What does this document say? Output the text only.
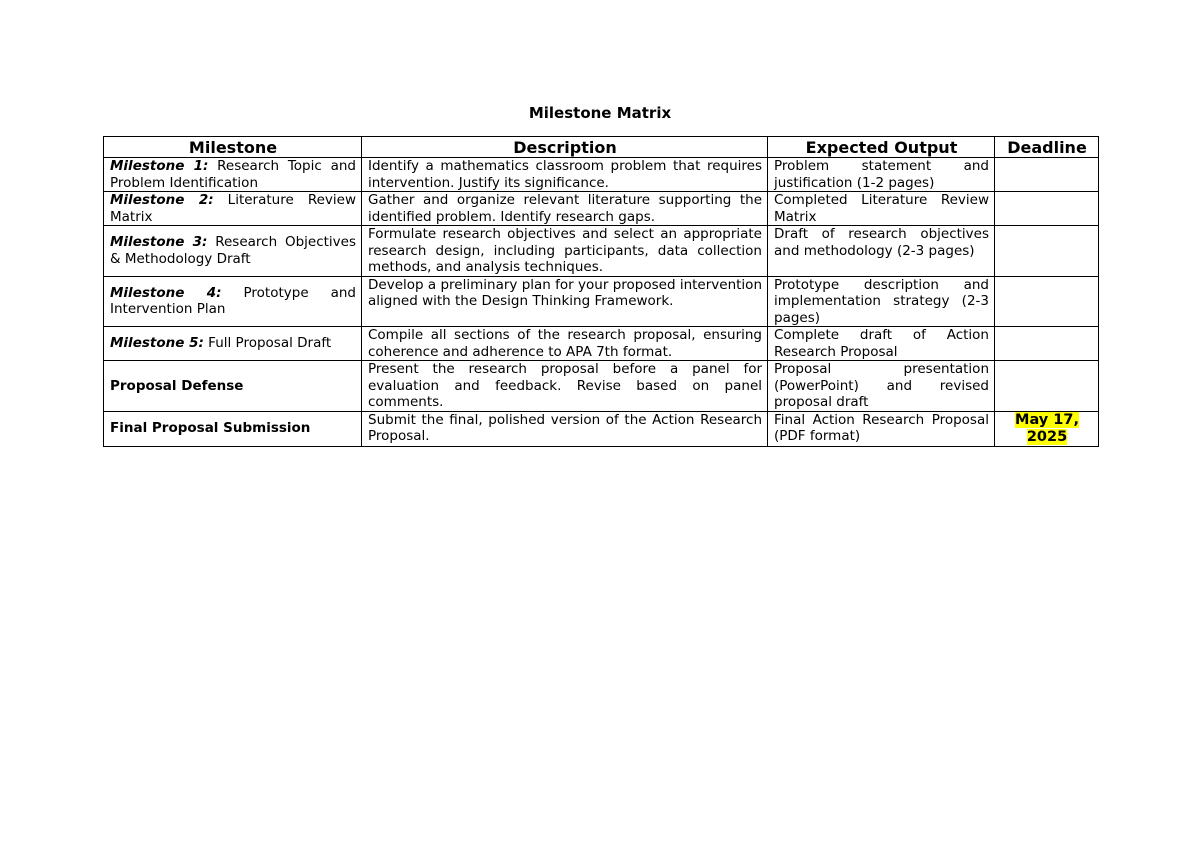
Milestone Matrix
Milestone	Description	Expected Output	Deadline
Milestone 1: Research Topic and Problem Identification	Identify a mathematics classroom problem that requires intervention. Justify its significance.	Problem statement and justification (1-2 pages)	
Milestone 2: Literature Review Matrix	Gather and organize relevant literature supporting the identified problem. Identify research gaps.	Completed Literature Review Matrix	
Milestone 3: Research Objectives & Methodology Draft	Formulate research objectives and select an appropriate research design, including participants, data collection methods, and analysis techniques.	Draft of research objectives and methodology (2-3 pages)	
Milestone 4: Prototype and Intervention Plan	Develop a preliminary plan for your proposed intervention aligned with the Design Thinking Framework.	Prototype description and implementation strategy (2-3 pages)	
Milestone 5: Full Proposal Draft	Compile all sections of the research proposal, ensuring coherence and adherence to APA 7th format.	Complete draft of Action Research Proposal	
Proposal Defense	Present the research proposal before a panel for evaluation and feedback. Revise based on panel comments.	Proposal presentation (PowerPoint) and revised proposal draft	
Final Proposal Submission	Submit the final, polished version of the Action Research Proposal.	Final Action Research Proposal (PDF format)	May 17, 2025
